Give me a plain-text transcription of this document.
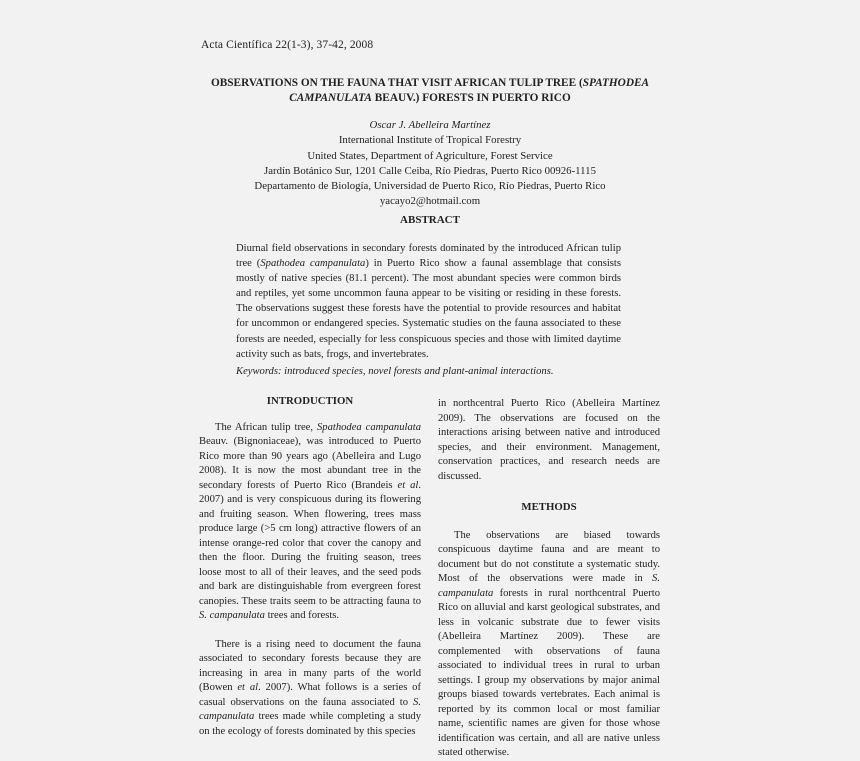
Acta Científica 22(1-3), 37-42, 2008
OBSERVATIONS ON THE FAUNA THAT VISIT AFRICAN TULIP TREE (SPATHODEA CAMPANULATA BEAUV.) FORESTS IN PUERTO RICO
Oscar J. Abelleira Martínez
International Institute of Tropical Forestry
United States, Department of Agriculture, Forest Service
Jardín Botánico Sur, 1201 Calle Ceiba, Río Piedras, Puerto Rico 00926-1115
Departamento de Biología, Universidad de Puerto Rico, Río Piedras, Puerto Rico
yacayo2@hotmail.com
ABSTRACT
Diurnal field observations in secondary forests dominated by the introduced African tulip tree (Spathodea campanulata) in Puerto Rico show a faunal assemblage that consists mostly of native species (81.1 percent). The most abundant species were common birds and reptiles, yet some uncommon fauna appear to be visiting or residing in these forests. The observations suggest these forests have the potential to provide resources and habitat for uncommon or endangered species. Systematic studies on the fauna associated to these forests are needed, especially for less conspicuous species and those with limited daytime activity such as bats, frogs, and invertebrates.
Keywords: introduced species, novel forests and plant-animal interactions.
INTRODUCTION

The African tulip tree, Spathodea campanulata Beauv. (Bignoniaceae), was introduced to Puerto Rico more than 90 years ago (Abelleira and Lugo 2008). It is now the most abundant tree in the secondary forests of Puerto Rico (Brandeis et al. 2007) and is very conspicuous during its flowering and fruiting season. When flowering, trees mass produce large (>5 cm long) attractive flowers of an intense orange-red color that cover the canopy and then the floor. During the fruiting season, trees loose most to all of their leaves, and the seed pods and bark are distinguishable from evergreen forest canopies. These traits seem to be attracting fauna to S. campanulata trees and forests.

There is a rising need to document the fauna associated to secondary forests because they are increasing in area in many parts of the world (Bowen et al. 2007). What follows is a series of casual observations on the fauna associated to S. campanulata trees made while completing a study on the ecology of forests dominated by this species

in northcentral Puerto Rico (Abelleira Martínez 2009). The observations are focused on the interactions arising between native and introduced species, and their environment. Management, conservation practices, and research needs are discussed.

METHODS

The observations are biased towards conspicuous daytime fauna and are meant to document but do not constitute a systematic study. Most of the observations were made in S. campanulata forests in rural northcentral Puerto Rico on alluvial and karst geological substrates, and less in volcanic substrate due to fewer visits (Abelleira Martínez 2009). These are complemented with observations of fauna associated to individual trees in rural to urban settings. I group my observations by major animal groups biased towards vertebrates. Each animal is reported by its common local or most familiar name, scientific names are given for those whose identification was certain, and all are native unless stated otherwise.
